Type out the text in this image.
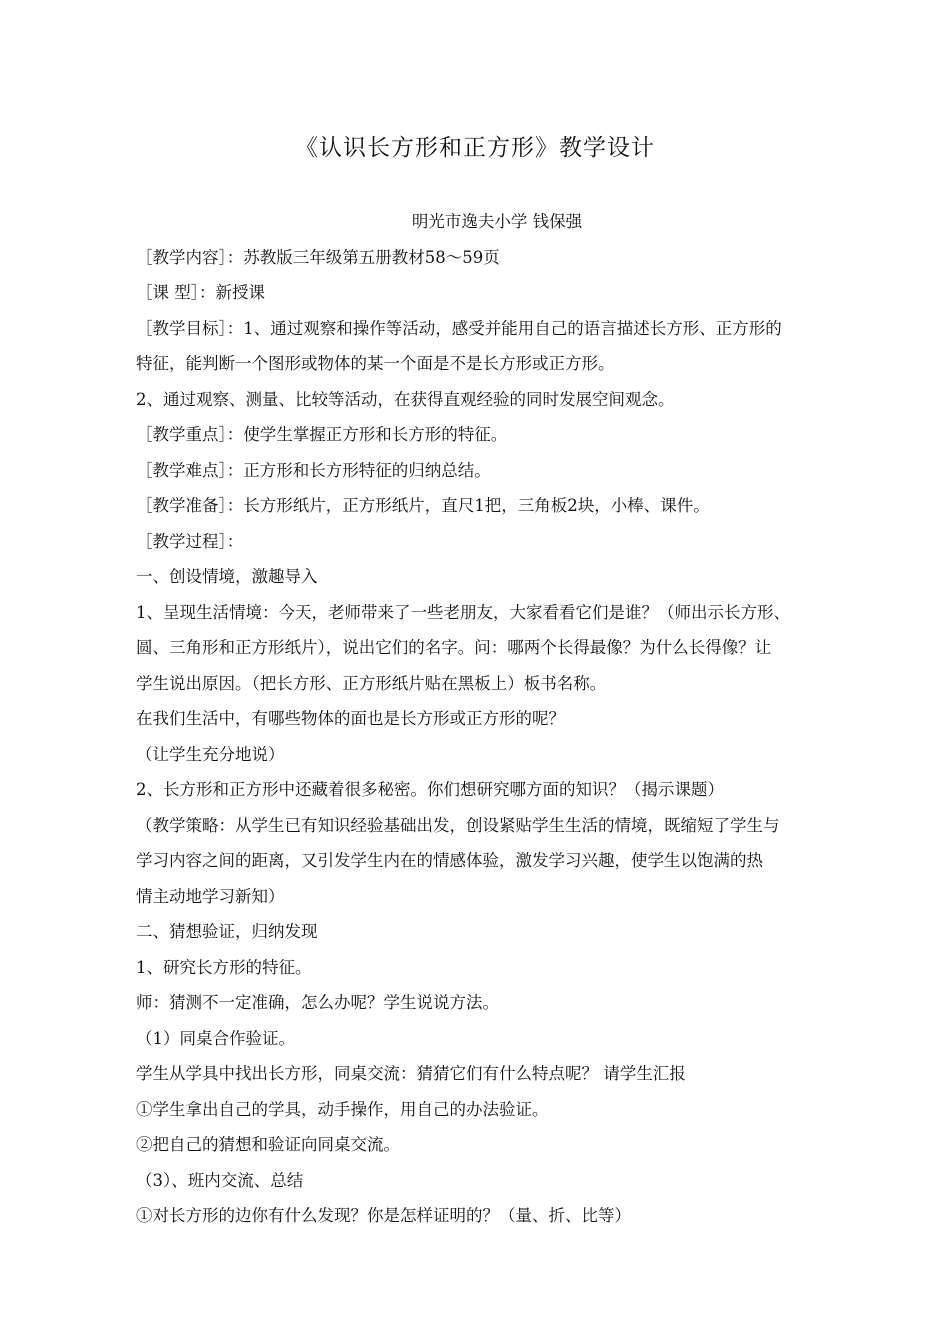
《认识长方形和正方形》教学设计
明光市逸夫小学 钱保强
［教学内容］：苏教版三年级第五册教材58～59页
［课 型］：新授课
［教学目标］：1、通过观察和操作等活动，感受并能用自己的语言描述长方形、正方形的
特征，能判断一个图形或物体的某一个面是不是长方形或正方形。
2、通过观察、测量、比较等活动，在获得直观经验的同时发展空间观念。
［教学重点］：使学生掌握正方形和长方形的特征。
［教学难点］：正方形和长方形特征的归纳总结。
［教学准备］：长方形纸片，正方形纸片，直尺1把，三角板2块，小棒、课件。
［教学过程］：
一、创设情境，激趣导入
1、呈现生活情境：今天，老师带来了一些老朋友，大家看看它们是谁？（师出示长方形、
圆、三角形和正方形纸片），说出它们的名字。问：哪两个长得最像？为什么长得像？让
学生说出原因。（把长方形、正方形纸片贴在黑板上）板书名称。
在我们生活中，有哪些物体的面也是长方形或正方形的呢？
（让学生充分地说）
2、长方形和正方形中还藏着很多秘密。你们想研究哪方面的知识？（揭示课题）
（教学策略：从学生已有知识经验基础出发，创设紧贴学生生活的情境，既缩短了学生与
学习内容之间的距离，又引发学生内在的情感体验，激发学习兴趣，使学生以饱满的热
情主动地学习新知）
二、猜想验证，归纳发现
1、研究长方形的特征。
师：猜测不一定准确，怎么办呢？学生说说方法。
（1）同桌合作验证。
学生从学具中找出长方形，同桌交流：猜猜它们有什么特点呢？ 请学生汇报
①学生拿出自己的学具，动手操作，用自己的办法验证。
②把自己的猜想和验证向同桌交流。
（3）、班内交流、总结
①对长方形的边你有什么发现？你是怎样证明的？（量、折、比等）
